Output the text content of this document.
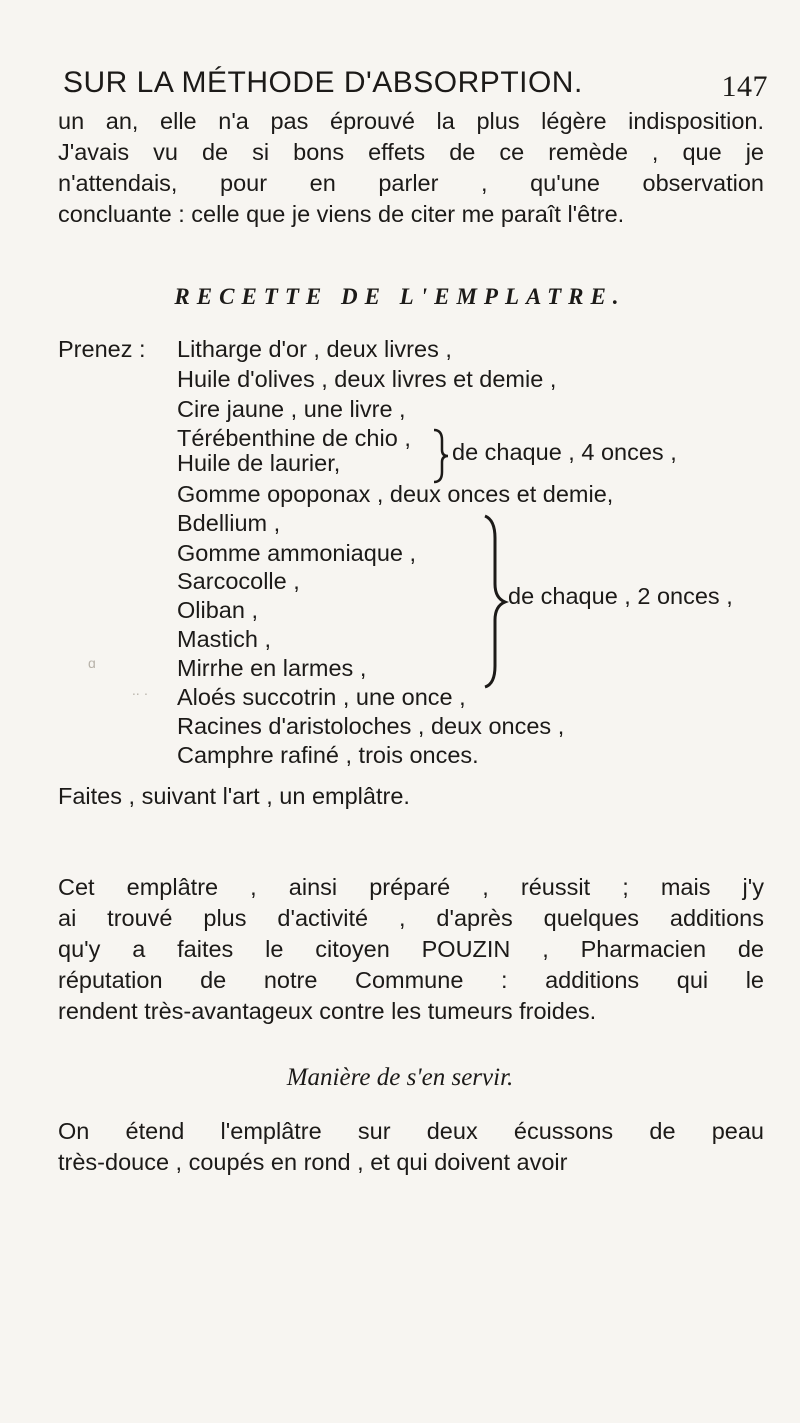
SUR LA MÉTHODE D'ABSORPTION.	147
un an, elle n'a pas éprouvé la plus légère indisposition.
J'avais vu de si bons effets de ce remède , que je
n'attendais, pour en parler , qu'une observation
concluante : celle que je viens de citer me paraît l'être.
RECETTE DE L'EMPLATRE.
Prenez : Litharge d'or , deux livres ,
Huile d'olives , deux livres et demie ,
Cire jaune , une livre ,
Térébenthine de chio ,
Huile de laurier,
Gomme opoponax , deux onces et demie,
Bdellium ,
Gomme ammoniaque ,
Sarcocolle ,
Oliban ,
Mastich ,
Mirrhe en larmes ,
Aloés succotrin , une once ,
Racines d'aristoloches , deux onces ,
Camphre rafiné , trois onces.
de chaque , 4 onces ,
de chaque , 2 onces ,
ɑ
∙∙ ·
Faites , suivant l'art , un emplâtre.
Cet emplâtre , ainsi préparé , réussit ; mais j'y
ai trouvé plus d'activité , d'après quelques additions
qu'y a faites le citoyen POUZIN , Pharmacien de
réputation de notre Commune : additions qui le
rendent très-avantageux contre les tumeurs froides.
Manière de s'en servir.
On étend l'emplâtre sur deux écussons de peau
très-douce , coupés en rond , et qui doivent avoir
